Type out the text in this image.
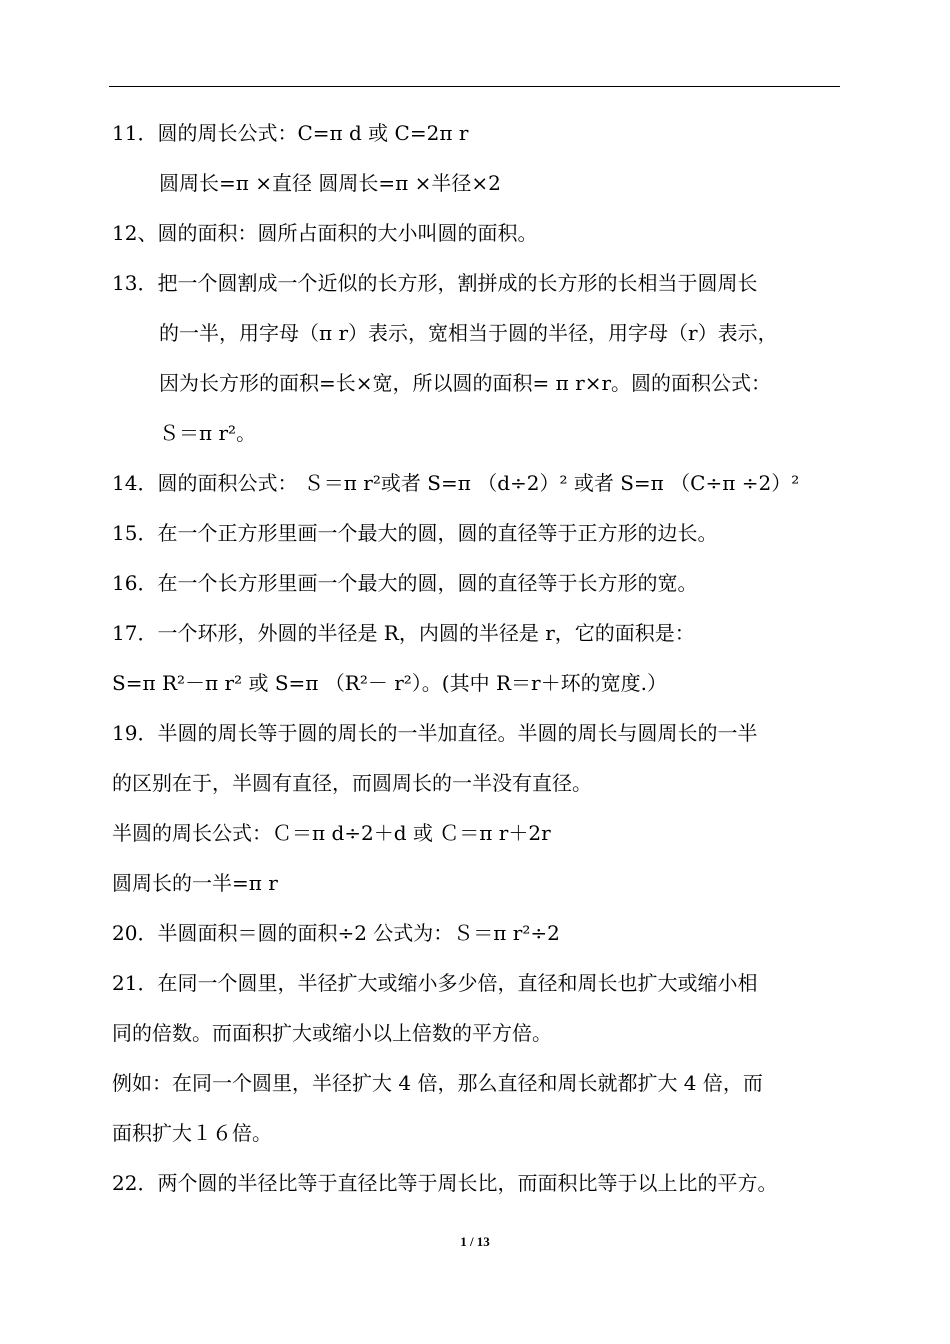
11．圆的周长公式：C=π d 或 C=2π r
圆周长=π ×直径 圆周长=π ×半径×2
12、圆的面积：圆所占面积的大小叫圆的面积。
13．把一个圆割成一个近似的长方形，割拼成的长方形的长相当于圆周长
的一半，用字母（π r）表示，宽相当于圆的半径，用字母（r）表示，
因为长方形的面积=长×宽，所以圆的面积= π r×r。圆的面积公式：
Ｓ＝π r²。
14．圆的面积公式： Ｓ＝π r²或者 S=π （d÷2）² 或者 S=π （C÷π ÷2）²
15．在一个正方形里画一个最大的圆，圆的直径等于正方形的边长。
16．在一个长方形里画一个最大的圆，圆的直径等于长方形的宽。
17．一个环形，外圆的半径是 R，内圆的半径是 r，它的面积是：
S=π R²－π r² 或 S=π （R²－ r²）。(其中 R＝r＋环的宽度.）
19．半圆的周长等于圆的周长的一半加直径。半圆的周长与圆周长的一半
的区别在于，半圆有直径，而圆周长的一半没有直径。
半圆的周长公式：Ｃ＝π d÷2＋d 或 Ｃ＝π r＋2r
圆周长的一半=π r
20．半圆面积＝圆的面积÷2 公式为：Ｓ＝π r²÷2
21．在同一个圆里，半径扩大或缩小多少倍，直径和周长也扩大或缩小相
同的倍数。而面积扩大或缩小以上倍数的平方倍。
例如：在同一个圆里，半径扩大 4 倍，那么直径和周长就都扩大 4 倍，而
面积扩大１６倍。
22．两个圆的半径比等于直径比等于周长比，而面积比等于以上比的平方。
1 / 13
